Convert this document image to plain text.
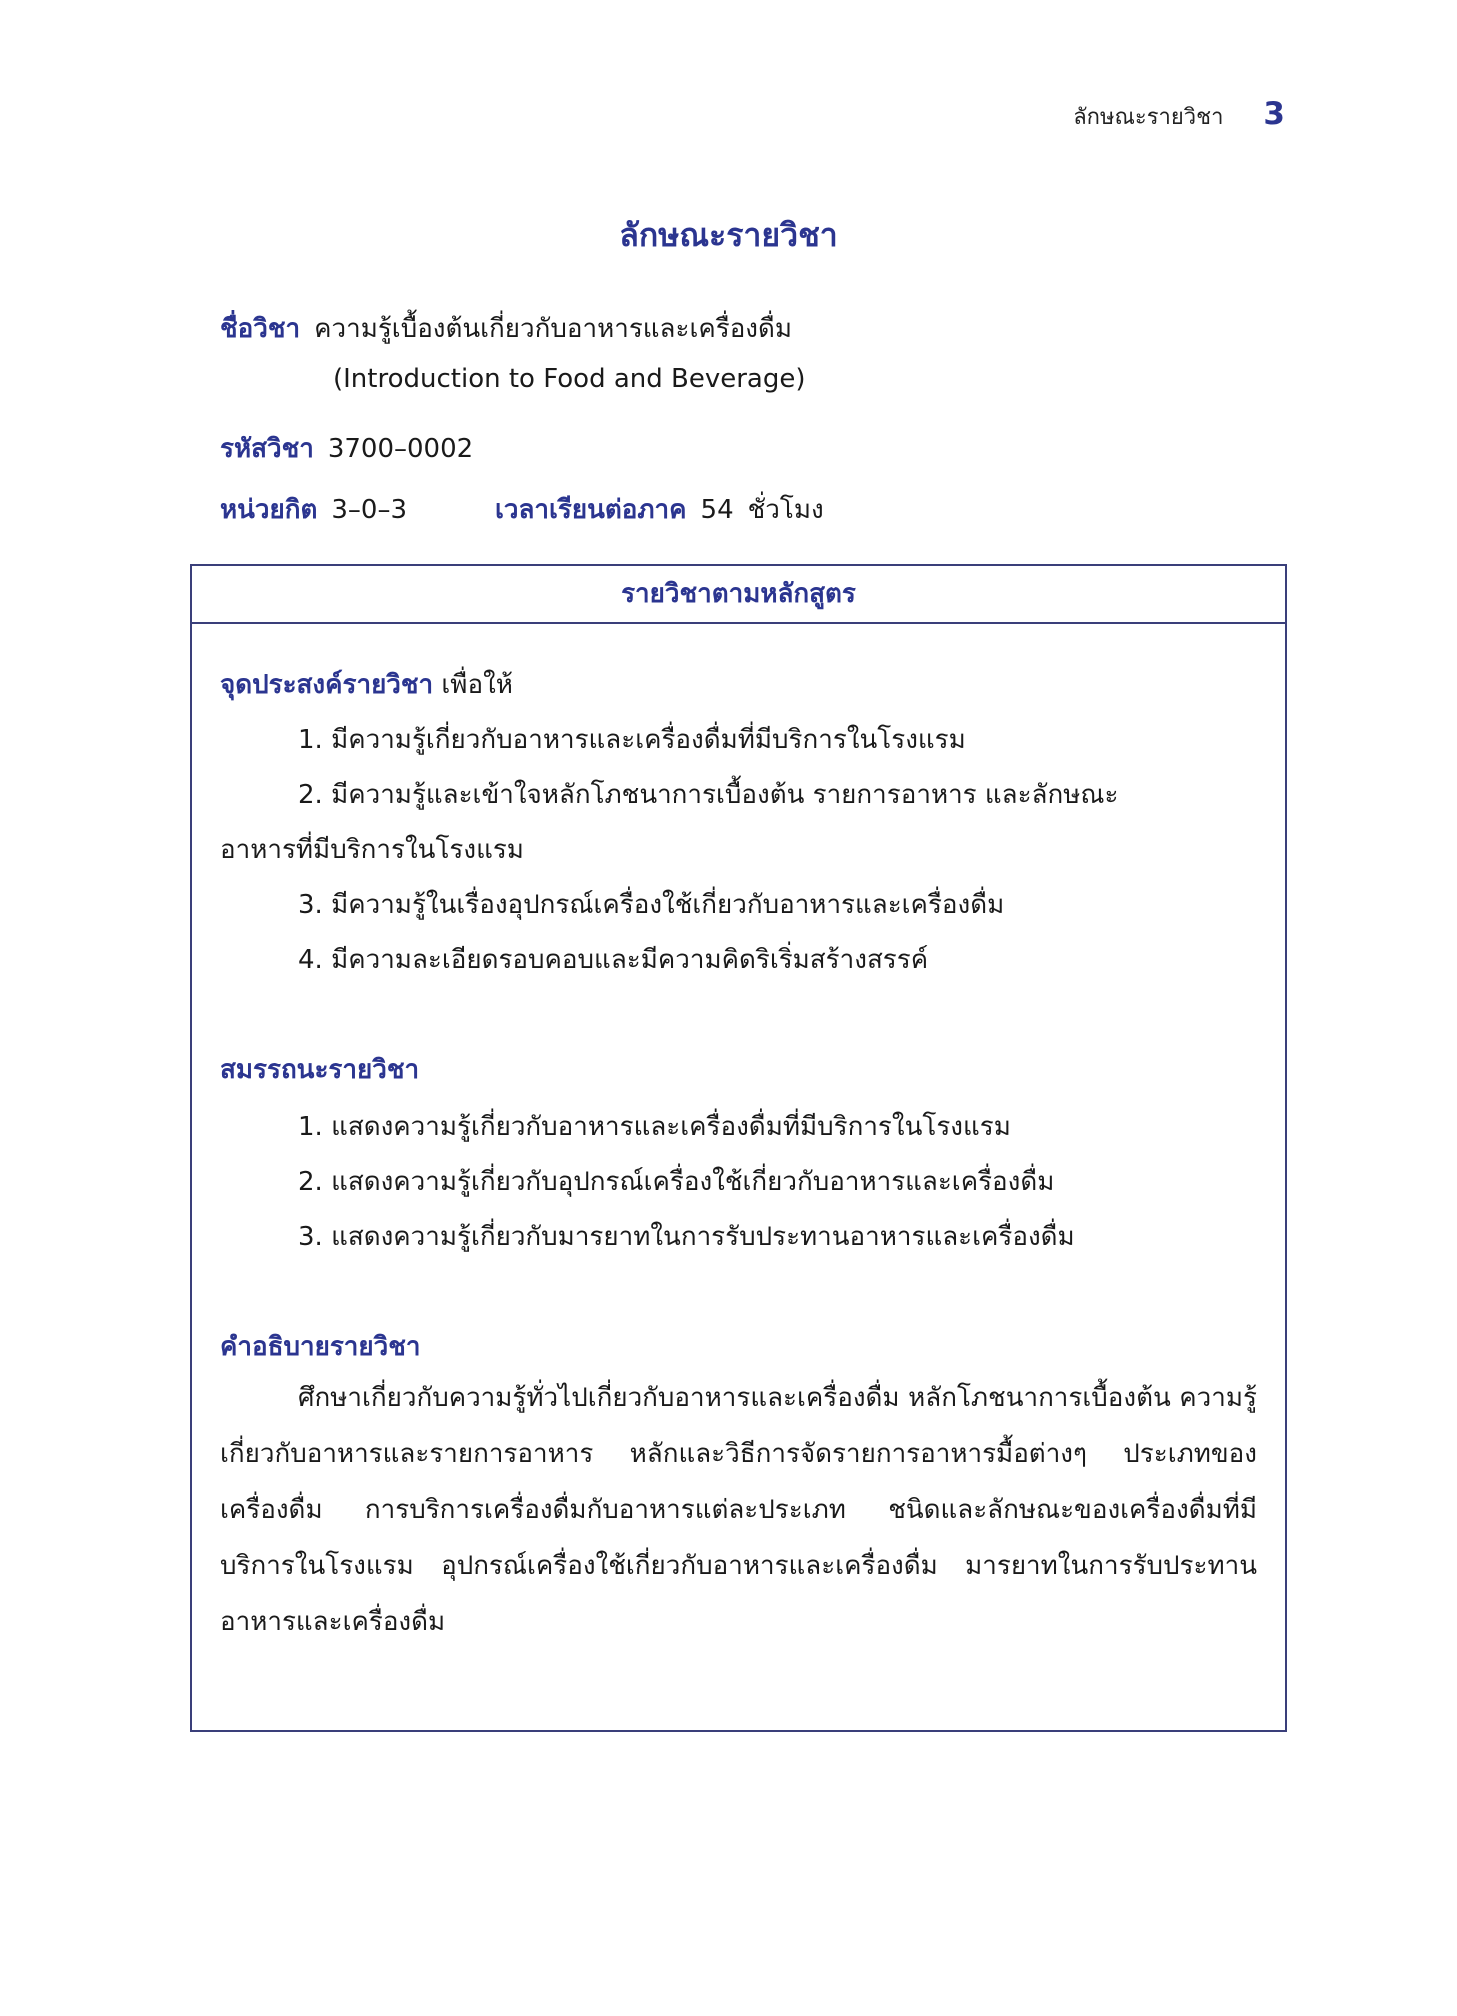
ลักษณะรายวิชา 3
ลักษณะรายวิชา
ชื่อวิชา ความรู้เบื้องต้นเกี่ยวกับอาหารและเครื่องดื่ม
(Introduction to Food and Beverage)
รหัสวิชา 3700–0002
หน่วยกิต 3–0–3	เวลาเรียนต่อภาค 54 ชั่วโมง
รายวิชาตามหลักสูตร
จุดประสงค์รายวิชา เพื่อให้
1. มีความรู้เกี่ยวกับอาหารและเครื่องดื่มที่มีบริการในโรงแรม
2. มีความรู้และเข้าใจหลักโภชนาการเบื้องต้น รายการอาหาร และลักษณะ
อาหารที่มีบริการในโรงแรม
3. มีความรู้ในเรื่องอุปกรณ์เครื่องใช้เกี่ยวกับอาหารและเครื่องดื่ม
4. มีความละเอียดรอบคอบและมีความคิดริเริ่มสร้างสรรค์
สมรรถนะรายวิชา
1. แสดงความรู้เกี่ยวกับอาหารและเครื่องดื่มที่มีบริการในโรงแรม
2. แสดงความรู้เกี่ยวกับอุปกรณ์เครื่องใช้เกี่ยวกับอาหารและเครื่องดื่ม
3. แสดงความรู้เกี่ยวกับมารยาทในการรับประทานอาหารและเครื่องดื่ม
คำอธิบายรายวิชา
ศึกษาเกี่ยวกับความรู้ทั่วไปเกี่ยวกับอาหารและเครื่องดื่ม หลักโภชนาการเบื้องต้น ความรู้เกี่ยวกับอาหารและรายการอาหาร หลักและวิธีการจัดรายการอาหารมื้อต่างๆ ประเภทของเครื่องดื่ม การบริการเครื่องดื่มกับอาหารแต่ละประเภท ชนิดและลักษณะของเครื่องดื่มที่มีบริการในโรงแรม อุปกรณ์เครื่องใช้เกี่ยวกับอาหารและเครื่องดื่ม มารยาทในการรับประทานอาหารและเครื่องดื่ม
